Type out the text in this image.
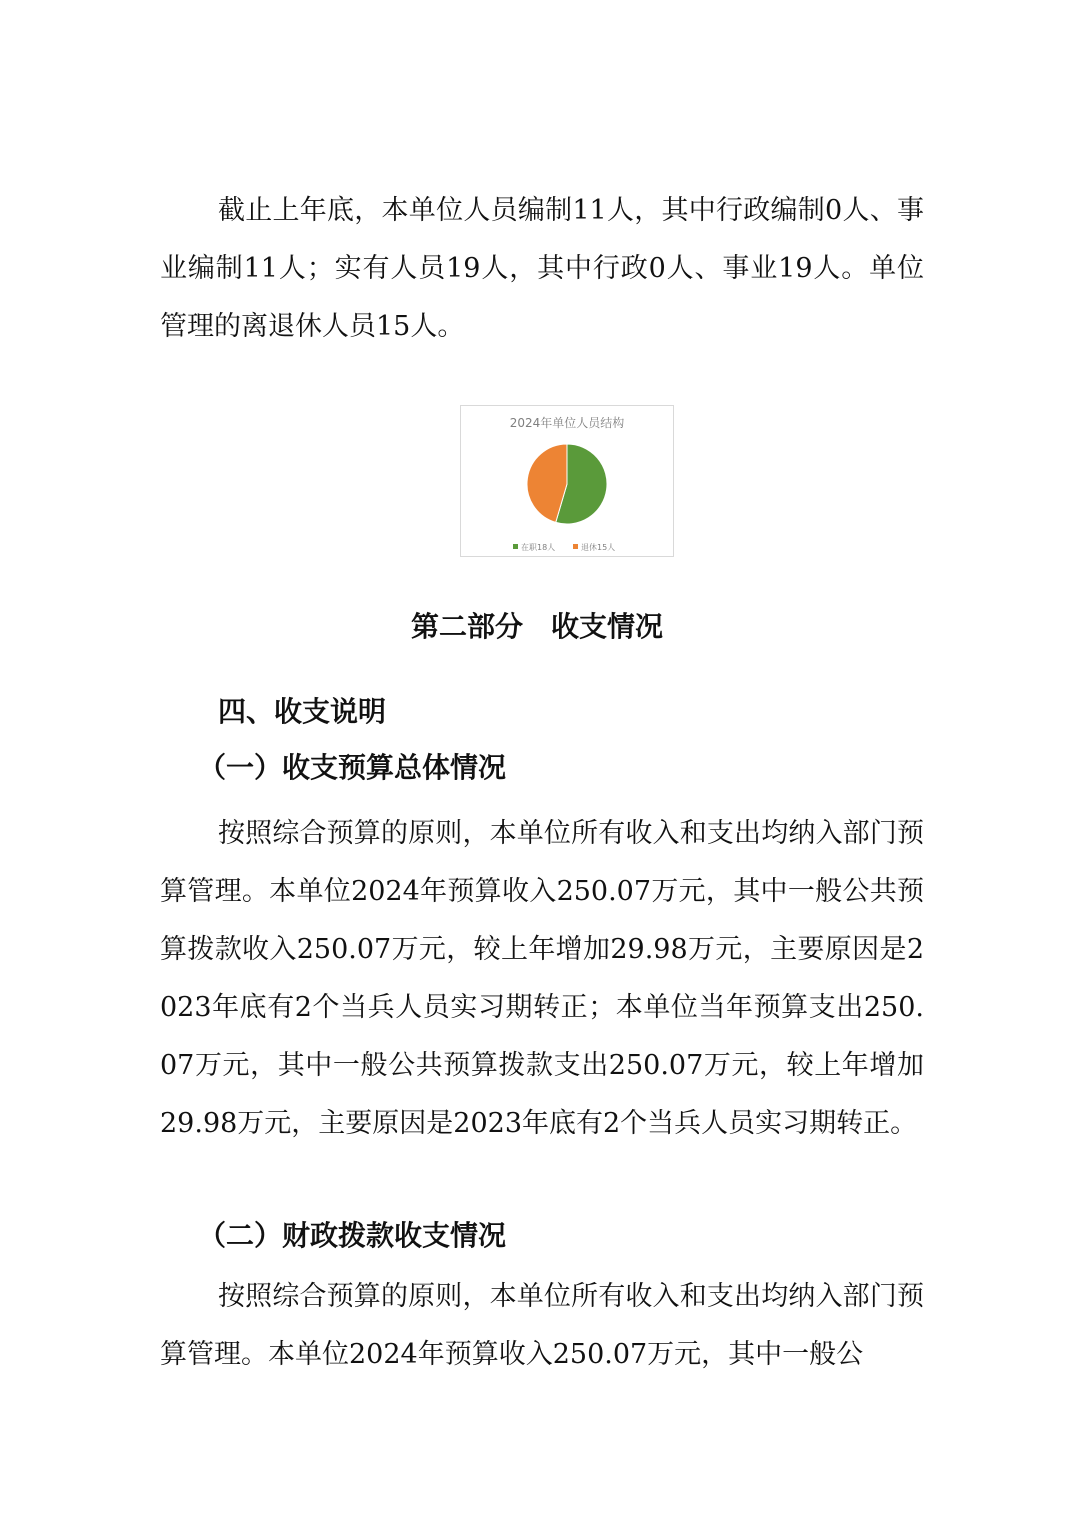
截止上年底，本单位人员编制11人，其中行政编制0人、事业编制11人；实有人员19人，其中行政0人、事业19人。单位管理的离退休人员15人。

2024年单位人员结构
在职18人	退休15人
第二部分　收支情况
四、收支说明
（一）收支预算总体情况

按照综合预算的原则，本单位所有收入和支出均纳入部门预算管理。本单位2024年预算收入250.07万元，其中一般公共预算拨款收入250.07万元，较上年增加29.98万元，主要原因是2023年底有2个当兵人员实习期转正；本单位当年预算支出250.07万元，其中一般公共预算拨款支出250.07万元，较上年增加29.98万元，主要原因是2023年底有2个当兵人员实习期转正。

（二）财政拨款收支情况

按照综合预算的原则，本单位所有收入和支出均纳入部门预算管理。本单位2024年预算收入250.07万元，其中一般公
